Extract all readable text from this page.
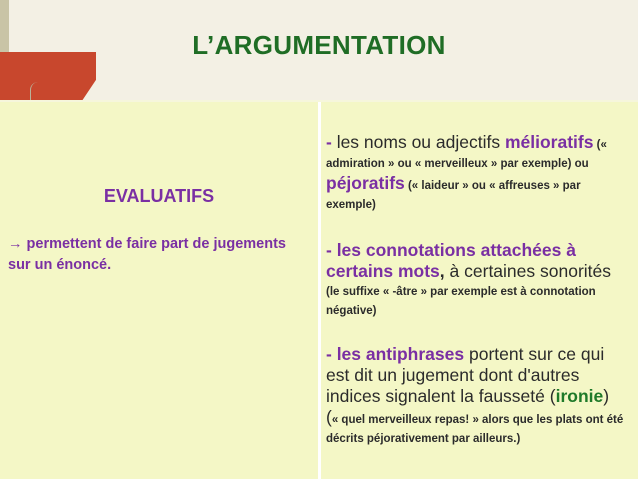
L’ARGUMENTATION
EVALUATIFS
→ permettent de faire part de jugements sur un énoncé.
- les noms ou adjectifs mélioratifs (« admiration » ou « merveilleux » par exemple) ou péjoratifs (« laideur » ou « affreuses » par exemple)
- les connotations attachées à certains mots, à certaines sonorités (le suffixe « -âtre » par exemple est à connotation négative)
- les antiphrases portent sur ce qui est dit un jugement dont d'autres indices signalent la fausseté (ironie) (« quel merveilleux repas! » alors que les plats ont été décrits péjorativement par ailleurs.)
